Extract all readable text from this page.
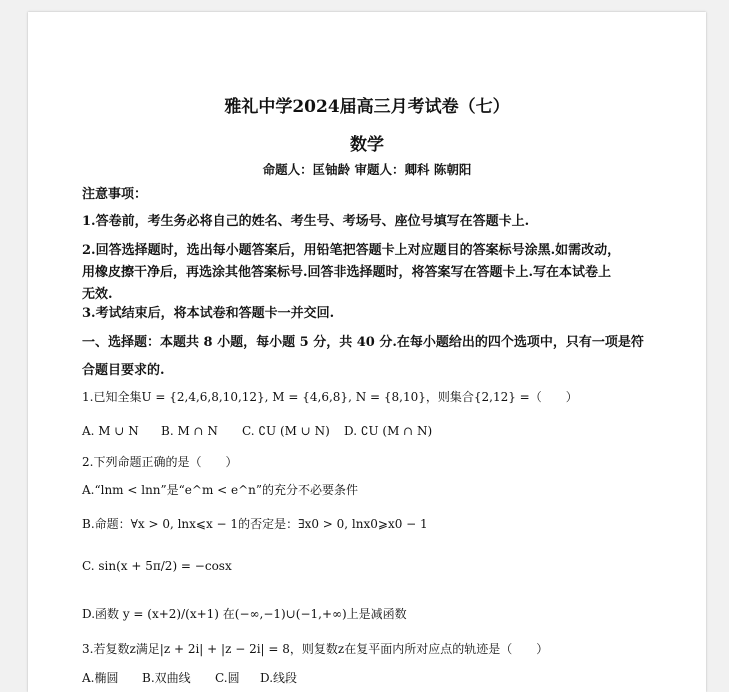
雅礼中学2024届高三月考试卷（七）
数学
命题人：匡铀龄 审题人：卿科 陈朝阳
注意事项：
1.答卷前，考生务必将自己的姓名、考生号、考场号、座位号填写在答题卡上.
2.回答选择题时，选出每小题答案后，用铅笔把答题卡上对应题目的答案标号涂黑.如需改动，
用橡皮擦干净后，再选涂其他答案标号.回答非选择题时，将答案写在答题卡上.写在本试卷上
无效.
3.考试结束后，将本试卷和答题卡一并交回.
一、选择题：本题共 8 小题，每小题 5 分，共 40 分.在每小题给出的四个选项中，只有一项是符
合题目要求的.
1.已知全集U = {2,4,6,8,10,12}, M = {4,6,8}, N = {8,10}，则集合{2,12} =（　　）
A. M ∪ N B. M ∩ N C. ∁U (M ∪ N) D. ∁U (M ∩ N)
2.下列命题正确的是（　　）
A.“lnm < lnn”是“e^m < e^n”的充分不必要条件
B.命题：∀x > 0, lnx⩽x − 1的否定是：∃x0 > 0, lnx0⩾x0 − 1
C. sin(x + 5π/2) = −cosx
D.函数 y = (x+2)/(x+1) 在(−∞,−1)∪(−1,+∞)上是减函数
3.若复数z满足|z + 2i| + |z − 2i| = 8，则复数z在复平面内所对应点的轨迹是（　　）
A.椭圆 B.双曲线 C.圆 D.线段
